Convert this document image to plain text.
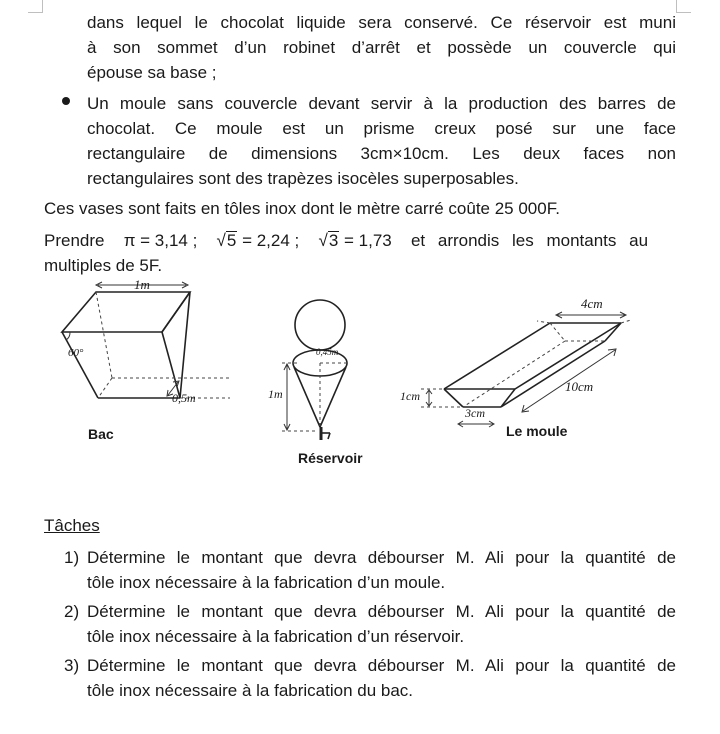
dans lequel le chocolat liquide sera conservé. Ce réservoir est muni
à son sommet d’un robinet d’arrêt et possède un couvercle qui
épouse sa base ;
Un moule sans couvercle devant servir à la production des barres de
chocolat. Ce moule est un prisme creux posé sur une face
rectangulaire de dimensions 3cm×10cm. Les deux faces non
rectangulaires sont des trapèzes isocèles superposables.
Ces vases sont faits en tôles inox dont le mètre carré coûte 25 000F.
Prendre π = 3,14 ; √5 = 2,24 ; √3 = 1,73 et arrondis les montants au
multiples de 5F.
1m
60°
0,5m
Bac
1m
0,45m
Réservoir
4cm
1cm
10cm
3cm
Le moule
Tâches
1) Détermine le montant que devra débourser M. Ali pour la quantité de
tôle inox nécessaire à la fabrication d’un moule.
2) Détermine le montant que devra débourser M. Ali pour la quantité de
tôle inox nécessaire à la fabrication d’un réservoir.
3) Détermine le montant que devra débourser M. Ali pour la quantité de
tôle inox nécessaire à la fabrication du bac.
